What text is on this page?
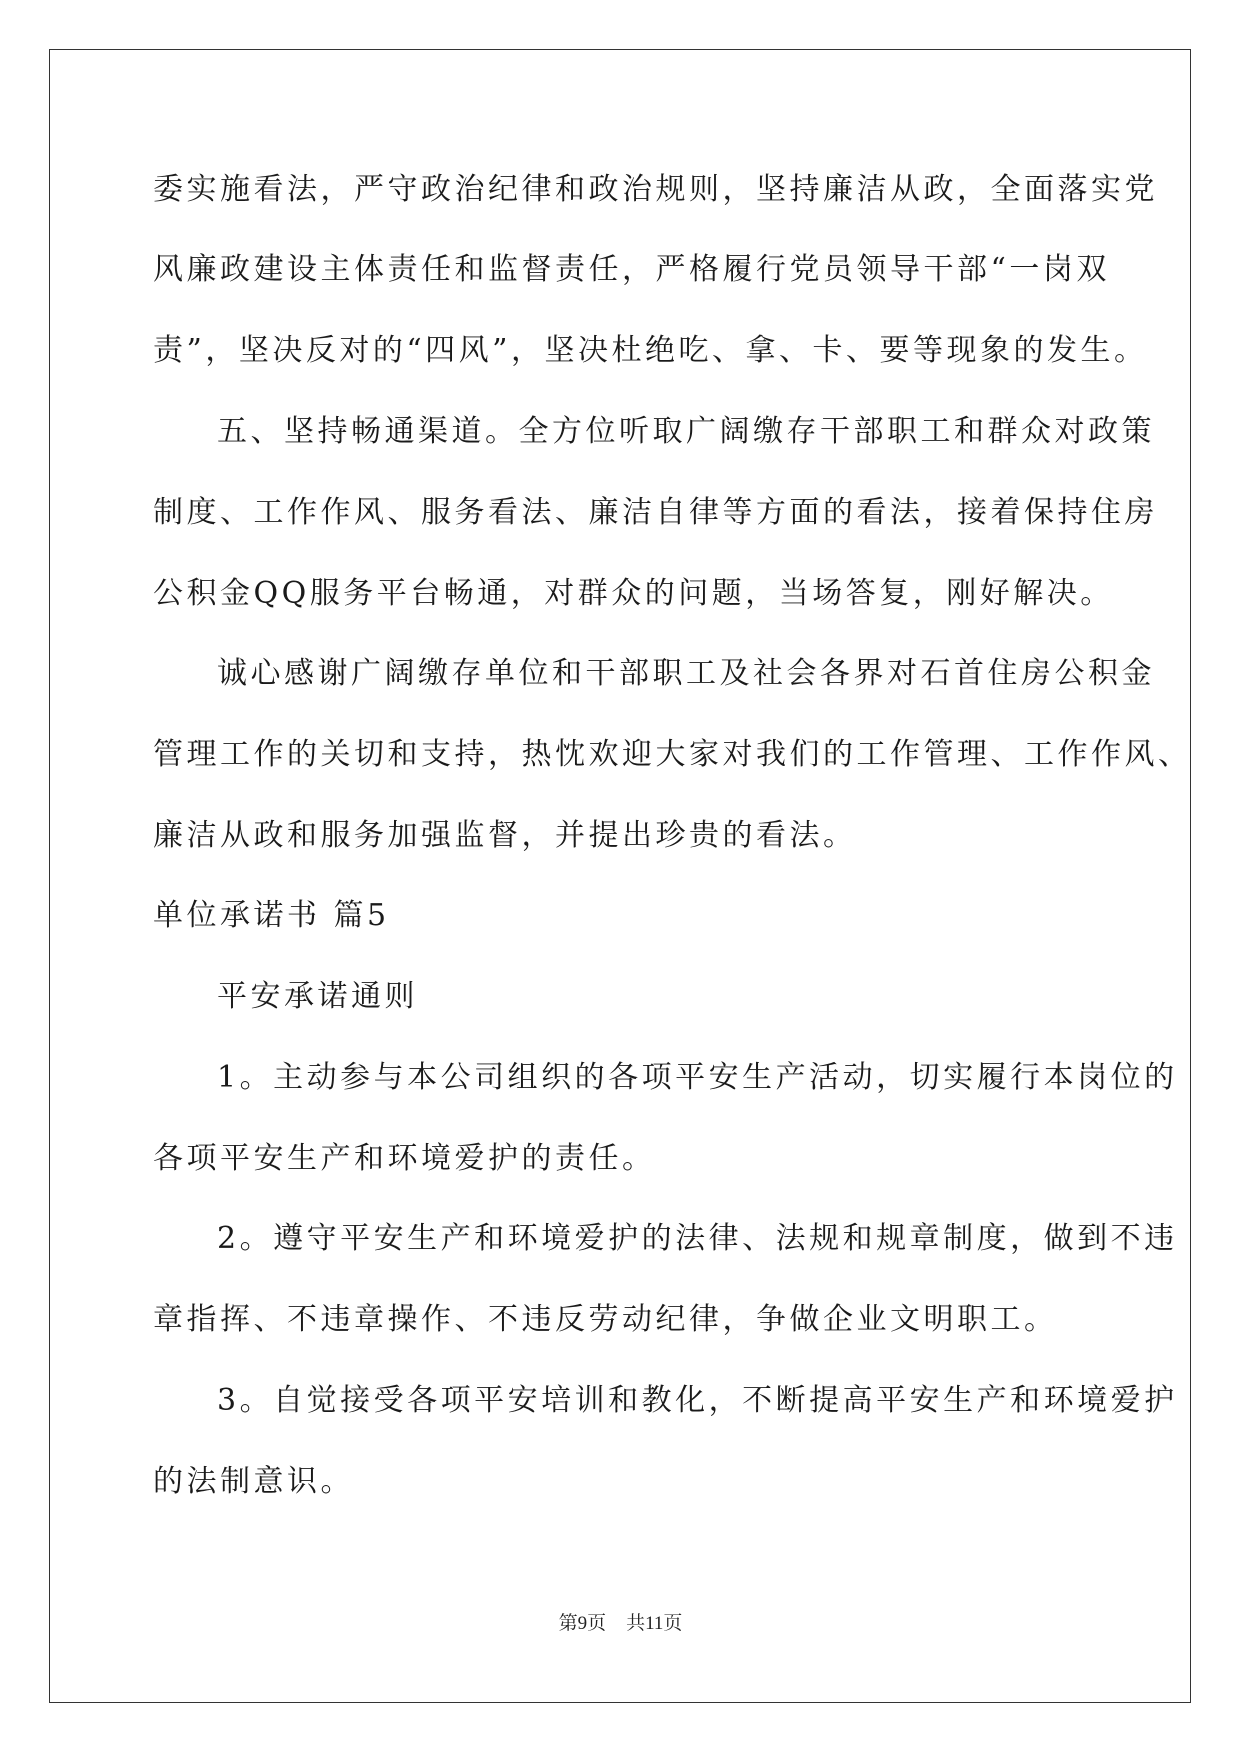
委实施看法，严守政治纪律和政治规则，坚持廉洁从政，全面落实党
风廉政建设主体责任和监督责任，严格履行党员领导干部“一岗双
责”，坚决反对的“四风”，坚决杜绝吃、拿、卡、要等现象的发生。
五、坚持畅通渠道。全方位听取广阔缴存干部职工和群众对政策
制度、工作作风、服务看法、廉洁自律等方面的看法，接着保持住房
公积金QQ服务平台畅通，对群众的问题，当场答复，刚好解决。
诚心感谢广阔缴存单位和干部职工及社会各界对石首住房公积金
管理工作的关切和支持，热忱欢迎大家对我们的工作管理、工作作风、
廉洁从政和服务加强监督，并提出珍贵的看法。
单位承诺书 篇5
平安承诺通则
1。主动参与本公司组织的各项平安生产活动，切实履行本岗位的
各项平安生产和环境爱护的责任。
2。遵守平安生产和环境爱护的法律、法规和规章制度，做到不违
章指挥、不违章操作、不违反劳动纪律，争做企业文明职工。
3。自觉接受各项平安培训和教化，不断提高平安生产和环境爱护
的法制意识。
第9页 共11页
